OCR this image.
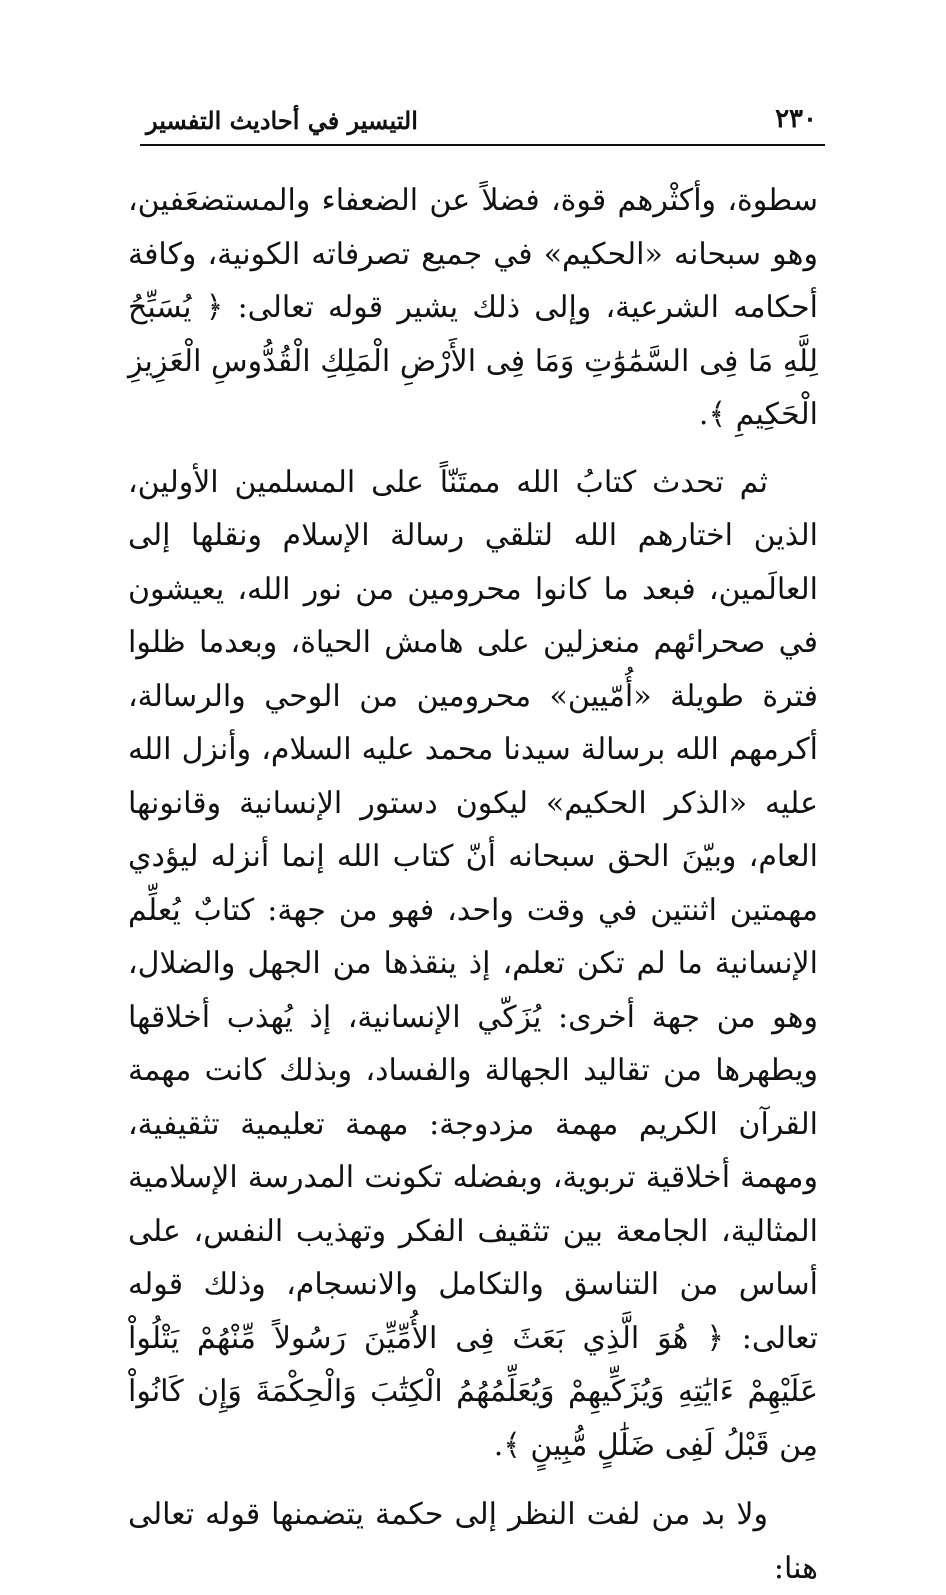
٢٣٠
التيسير في أحاديث التفسير

سطوة، وأكثْرهم قوة، فضلاً عن الضعفاء والمستضعَفين، وهو سبحانه «الحكيم» في جميع تصرفاته الكونية، وكافة أحكامه الشرعية، وإلى ذلك يشير قوله تعالى: ﴿ يُسَبِّحُ لِلَّهِ مَا فِى السَّمَٰوَٰتِ وَمَا فِى الأَرْضِ الْمَلِكِ الْقُدُّوسِ الْعَزِيزِ الْحَكِيمِ ﴾.

ثم تحدث كتابُ الله ممتَنّاً على المسلمين الأولين، الذين اختارهم الله لتلقي رسالة الإسلام ونقلها إلى العالَمين، فبعد ما كانوا محرومين من نور الله، يعيشون في صحرائهم منعزلين على هامش الحياة، وبعدما ظلوا فترة طويلة «أُمّيين» محرومين من الوحي والرسالة، أكرمهم الله برسالة سيدنا محمد عليه السلام، وأنزل الله عليه «الذكر الحكيم» ليكون دستور الإنسانية وقانونها العام، وبيّنَ الحق سبحانه أنّ كتاب الله إنما أنزله ليؤدي مهمتين اثنتين في وقت واحد، فهو من جهة: كتابٌ يُعلِّم الإنسانية ما لم تكن تعلم، إذ ينقذها من الجهل والضلال، وهو من جهة أخرى: يُزَكّي الإنسانية، إذ يُهذب أخلاقها ويطهرها من تقاليد الجهالة والفساد، وبذلك كانت مهمة القرآن الكريم مهمة مزدوجة: مهمة تعليمية تثقيفية، ومهمة أخلاقية تربوية، وبفضله تكونت المدرسة الإسلامية المثالية، الجامعة بين تثقيف الفكر وتهذيب النفس، على أساس من التناسق والتكامل والانسجام، وذلك قوله تعالى: ﴿ هُوَ الَّذِي بَعَثَ فِى الأُمِّيِّنَ رَسُولاً مِّنْهُمْ يَتْلُواْ عَلَيْهِمْ ءَايَٰتِهِ وَيُزَكِّيهِمْ وَيُعَلِّمُهُمُ الْكِتَٰبَ وَالْحِكْمَةَ وَإِن كَانُواْ مِن قَبْلُ لَفِى ضَلَٰلٍ مُّبِينٍ ﴾.

ولا بد من لفت النظر إلى حكمة يتضمنها قوله تعالى هنا:
